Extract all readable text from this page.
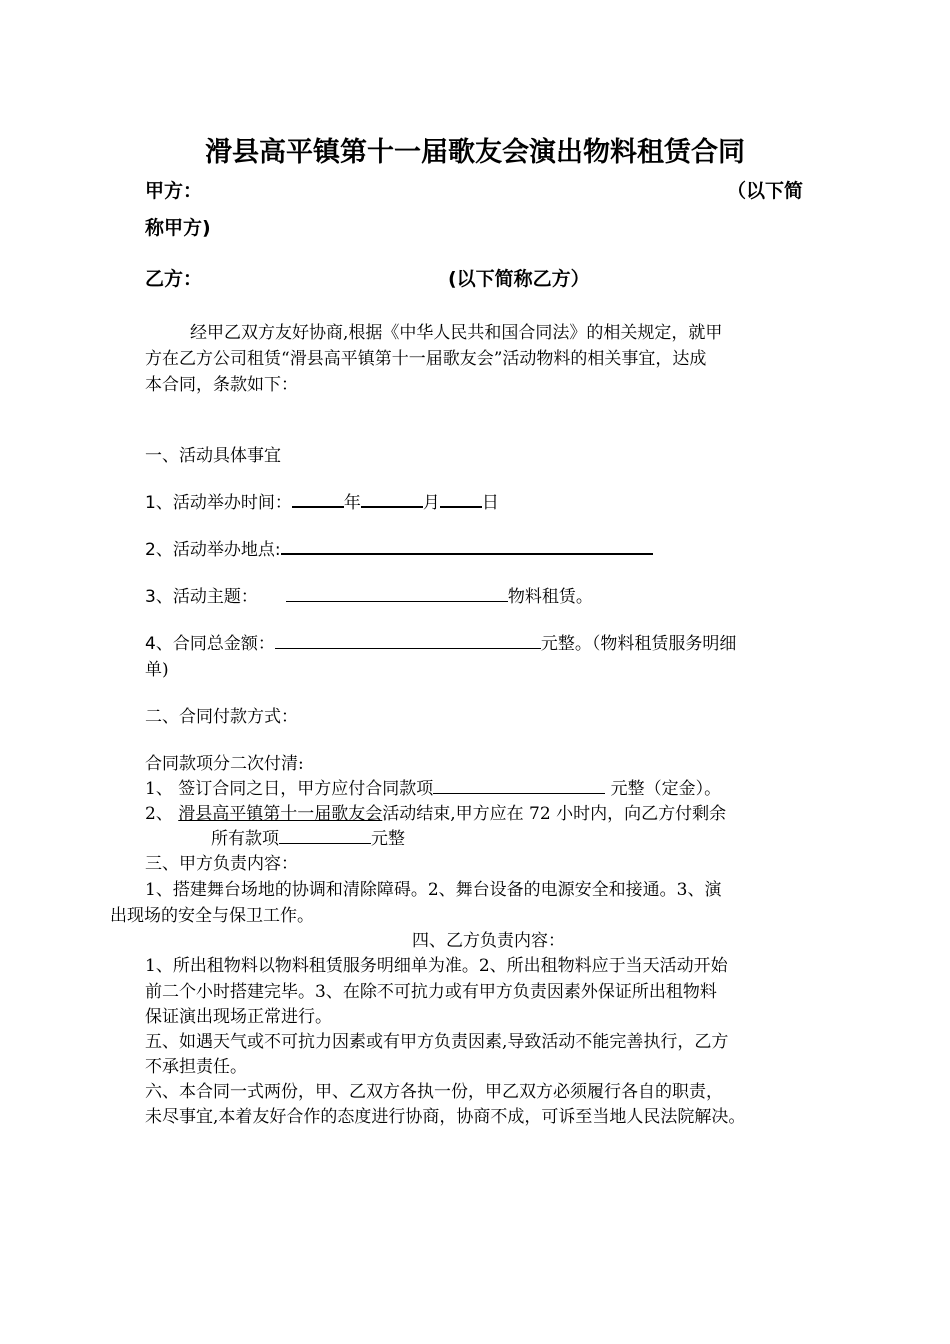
滑县高平镇第十一届歌友会演出物料租赁合同
甲方：	（以下简
称甲方)
乙方：	(以下简称乙方）
经甲乙双方友好协商,根据《中华人民共和国合同法》的相关规定，就甲
方在乙方公司租赁“滑县高平镇第十一届歌友会”活动物料的相关事宜，达成
本合同，条款如下：
一、活动具体事宜
1、活动举办时间：	年	月 日
2、活动举办地点:
3、活动主题：	物料租赁。
4、合同总金额：	元整。（物料租赁服务明细
单)
二、合同付款方式：
合同款项分二次付清:
1、 签订合同之日，甲方应付合同款项	元整（定金）。
2、 滑县高平镇第十一届歌友会活动结束,甲方应在 72 小时内，向乙方付剩余
所有款项	元整
三、甲方负责内容：
1、搭建舞台场地的协调和清除障碍。2、舞台设备的电源安全和接通。3、演
出现场的安全与保卫工作。
四、乙方负责内容：
1、所出租物料以物料租赁服务明细单为准。2、所出租物料应于当天活动开始
前二个小时搭建完毕。3、在除不可抗力或有甲方负责因素外保证所出租物料
保证演出现场正常进行。
五、如遇天气或不可抗力因素或有甲方负责因素,导致活动不能完善执行，乙方
不承担责任。
六、本合同一式两份，甲、乙双方各执一份，甲乙双方必须履行各自的职责，
未尽事宜,本着友好合作的态度进行协商，协商不成，可诉至当地人民法院解决。
